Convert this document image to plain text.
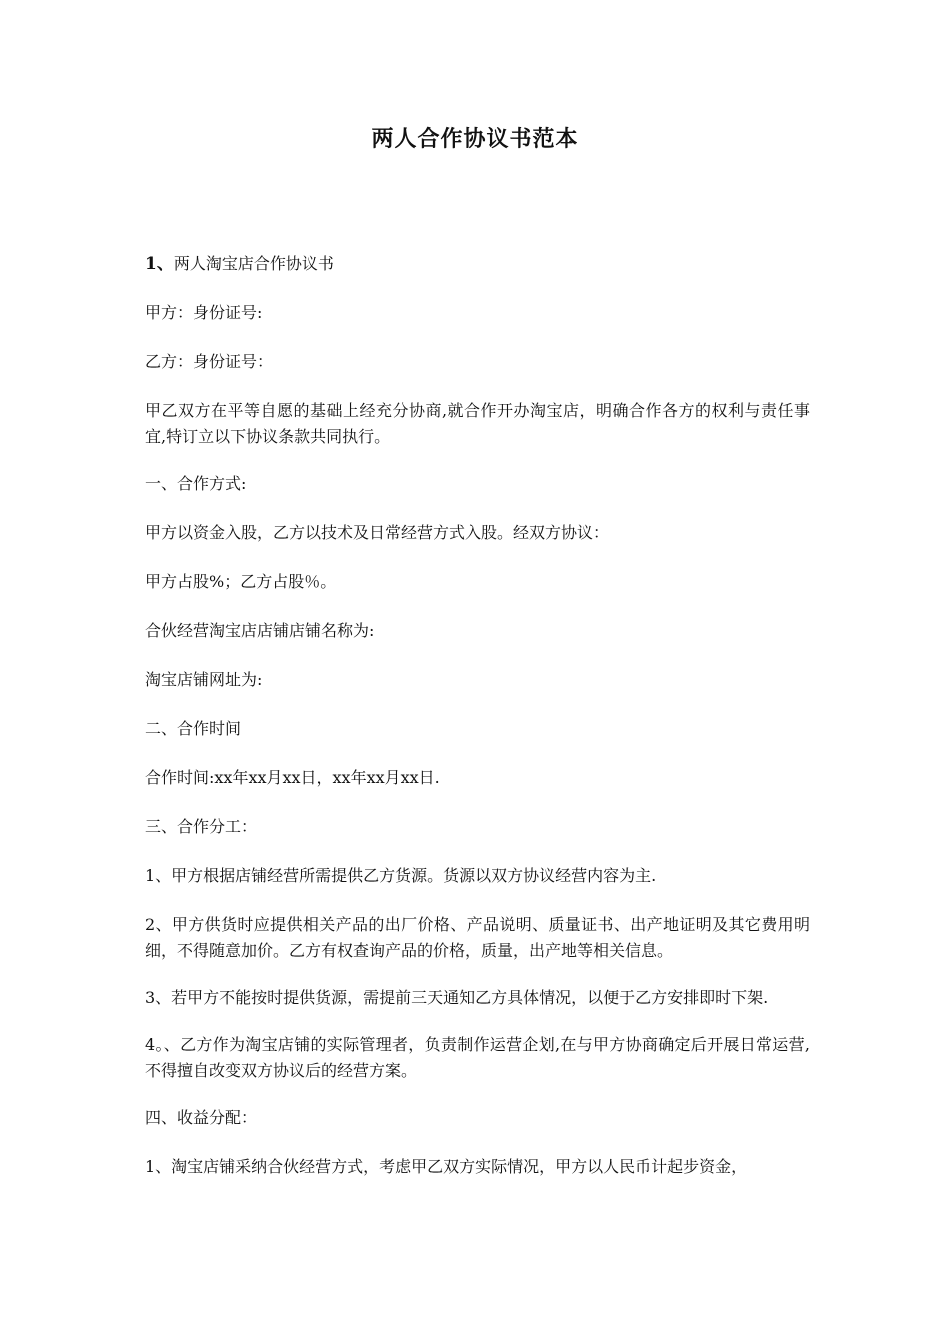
两人合作协议书范本

1、两人淘宝店合作协议书

甲方：身份证号:

乙方：身份证号：

甲乙双方在平等自愿的基础上经充分协商,就合作开办淘宝店，明确合作各方的权利与责任事宜,特订立以下协议条款共同执行。

一、合作方式:

甲方以资金入股，乙方以技术及日常经营方式入股。经双方协议：

甲方占股%；乙方占股％。

合伙经营淘宝店店铺店铺名称为:

淘宝店铺网址为:

二、合作时间

合作时间:xx年xx月xx日，xx年xx月xx日.

三、合作分工：

1、甲方根据店铺经营所需提供乙方货源。货源以双方协议经营内容为主.

2、甲方供货时应提供相关产品的出厂价格、产品说明、质量证书、出产地证明及其它费用明细，不得随意加价。乙方有权查询产品的价格，质量，出产地等相关信息。

3、若甲方不能按时提供货源，需提前三天通知乙方具体情况，以便于乙方安排即时下架.

4。、乙方作为淘宝店铺的实际管理者，负责制作运营企划,在与甲方协商确定后开展日常运营,不得擅自改变双方协议后的经营方案。

四、收益分配：

1、淘宝店铺采纳合伙经营方式，考虑甲乙双方实际情况，甲方以人民币计起步资金，
